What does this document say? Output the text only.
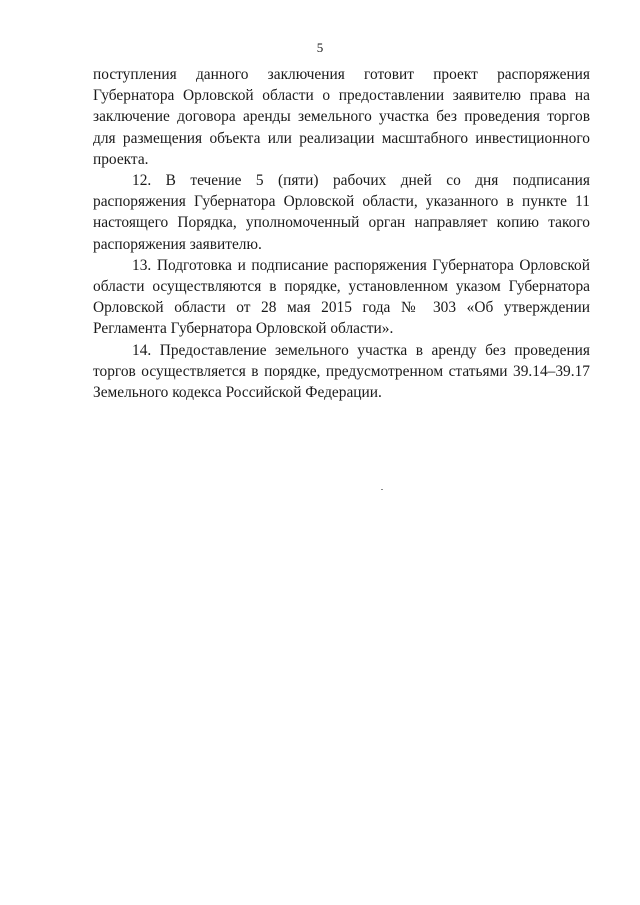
5

поступления данного заключения готовит проект распоряжения Губернатора Орловской области о предоставлении заявителю права на заключение договора аренды земельного участка без проведения торгов для размещения объекта или реализации масштабного инвестиционного проекта.

12. В течение 5 (пяти) рабочих дней со дня подписания распоряжения Губернатора Орловской области, указанного в пункте 11 настоящего Порядка, уполномоченный орган направляет копию такого распоряжения заявителю.

13. Подготовка и подписание распоряжения Губернатора Орловской области осуществляются в порядке, установленном указом Губернатора Орловской области от 28 мая 2015 года № 303 «Об утверждении Регламента Губернатора Орловской области».

14. Предоставление земельного участка в аренду без проведения торгов осуществляется в порядке, предусмотренном статьями 39.14–39.17 Земельного кодекса Российской Федерации.
